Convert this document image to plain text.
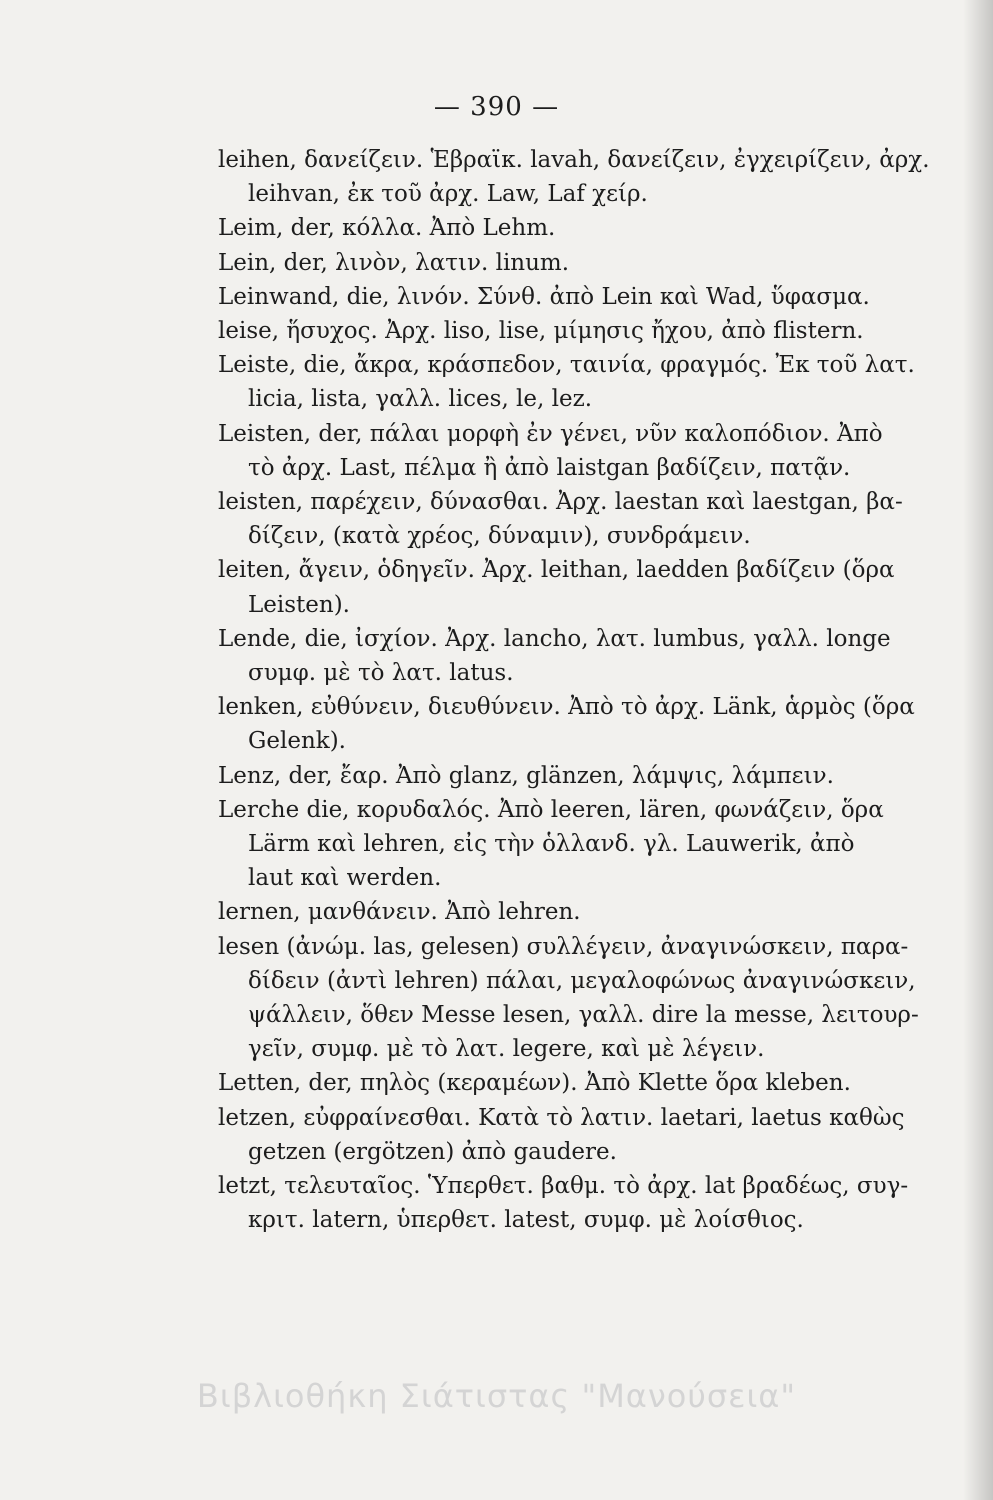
— 390 —
leihen, δανείζειν. Ἑβραϊκ. lavah, δανείζειν, ἐγχειρίζειν, ἀρχ.
leihvan, ἐκ τοῦ ἀρχ. Law, Laf χείρ.
Leim, der, κόλλα. Ἀπὸ Lehm.
Lein, der, λινὸν, λατιν. linum.
Leinwand, die, λινόν. Σύνθ. ἀπὸ Lein καὶ Wad, ὕφασμα.
leise, ἥσυχος. Ἀρχ. liso, lise, μίμησις ἤχου, ἀπὸ flistern.
Leiste, die, ἄκρα, κράσπεδον, ταινία, φραγμός. Ἐκ τοῦ λατ.
licia, lista, γαλλ. lices, le, lez.
Leisten, der, πάλαι μορφὴ ἐν γένει, νῦν καλοπόδιον. Ἀπὸ
τὸ ἀρχ. Last, πέλμα ἢ ἀπὸ laistgan βαδίζειν, πατᾷν.
leisten, παρέχειν, δύνασθαι. Ἀρχ. laestan καὶ laestgan, βα-
δίζειν, (κατὰ χρέος, δύναμιν), συνδράμειν.
leiten, ἄγειν, ὁδηγεῖν. Ἀρχ. leithan, laedden βαδίζειν (ὅρα
Leisten).
Lende, die, ἰσχίον. Ἀρχ. lancho, λατ. lumbus, γαλλ. longe
συμφ. μὲ τὸ λατ. latus.
lenken, εὐθύνειν, διευθύνειν. Ἀπὸ τὸ ἀρχ. Länk, ἁρμὸς (ὅρα
Gelenk).
Lenz, der, ἔαρ. Ἀπὸ glanz, glänzen, λάμψις, λάμπειν.
Lerche die, κορυδαλός. Ἀπὸ leeren, lären, φωνάζειν, ὅρα
Lärm καὶ lehren, εἰς τὴν ὁλλανδ. γλ. Lauwerik, ἀπὸ
laut καὶ werden.
lernen, μανθάνειν. Ἀπὸ lehren.
lesen (ἀνώμ. las, gelesen) συλλέγειν, ἀναγινώσκειν, παρα-
δίδειν (ἀντὶ lehren) πάλαι, μεγαλοφώνως ἀναγινώσκειν,
ψάλλειν, ὅθεν Messe lesen, γαλλ. dire la messe, λειτουρ-
γεῖν, συμφ. μὲ τὸ λατ. legere, καὶ μὲ λέγειν.
Letten, der, πηλὸς (κεραμέων). Ἀπὸ Klette ὅρα kleben.
letzen, εὐφραίνεσθαι. Κατὰ τὸ λατιν. laetari, laetus καθὼς
getzen (ergötzen) ἀπὸ gaudere.
letzt, τελευταῖος. Ὑπερθετ. βαθμ. τὸ ἀρχ. lat βραδέως, συγ-
κριτ. latern, ὑπερθετ. latest, συμφ. μὲ λοίσθιος.
Βιβλιοθήκη Σιάτιστας "Μανούσεια"
